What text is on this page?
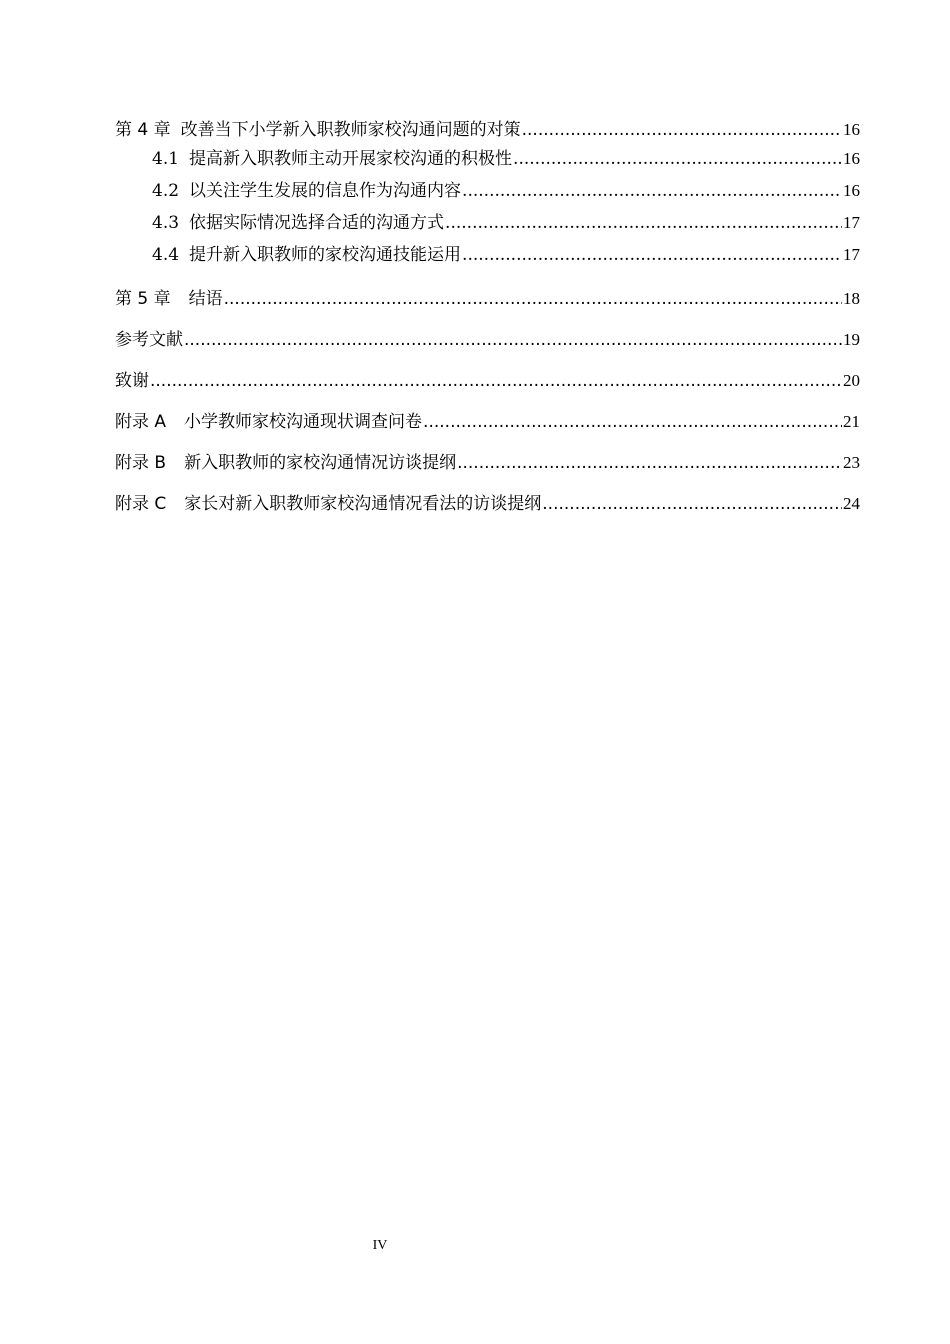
第 4 章 改善当下小学新入职教师家校沟通问题的对策 .....	16
4.1 提高新入职教师主动开展家校沟通的积极性 .....	16
4.2 以关注学生发展的信息作为沟通内容 .....	16
4.3 依据实际情况选择合适的沟通方式 .....	17
4.4 提升新入职教师的家校沟通技能运用 .....	17
第 5 章 结语 .....	18
参考文献 .....	19
致谢 .....	20
附录 A 小学教师家校沟通现状调查问卷 .....	21
附录 B 新入职教师的家校沟通情况访谈提纲 .....	23
附录 C 家长对新入职教师家校沟通情况看法的访谈提纲 .....	24
IV
